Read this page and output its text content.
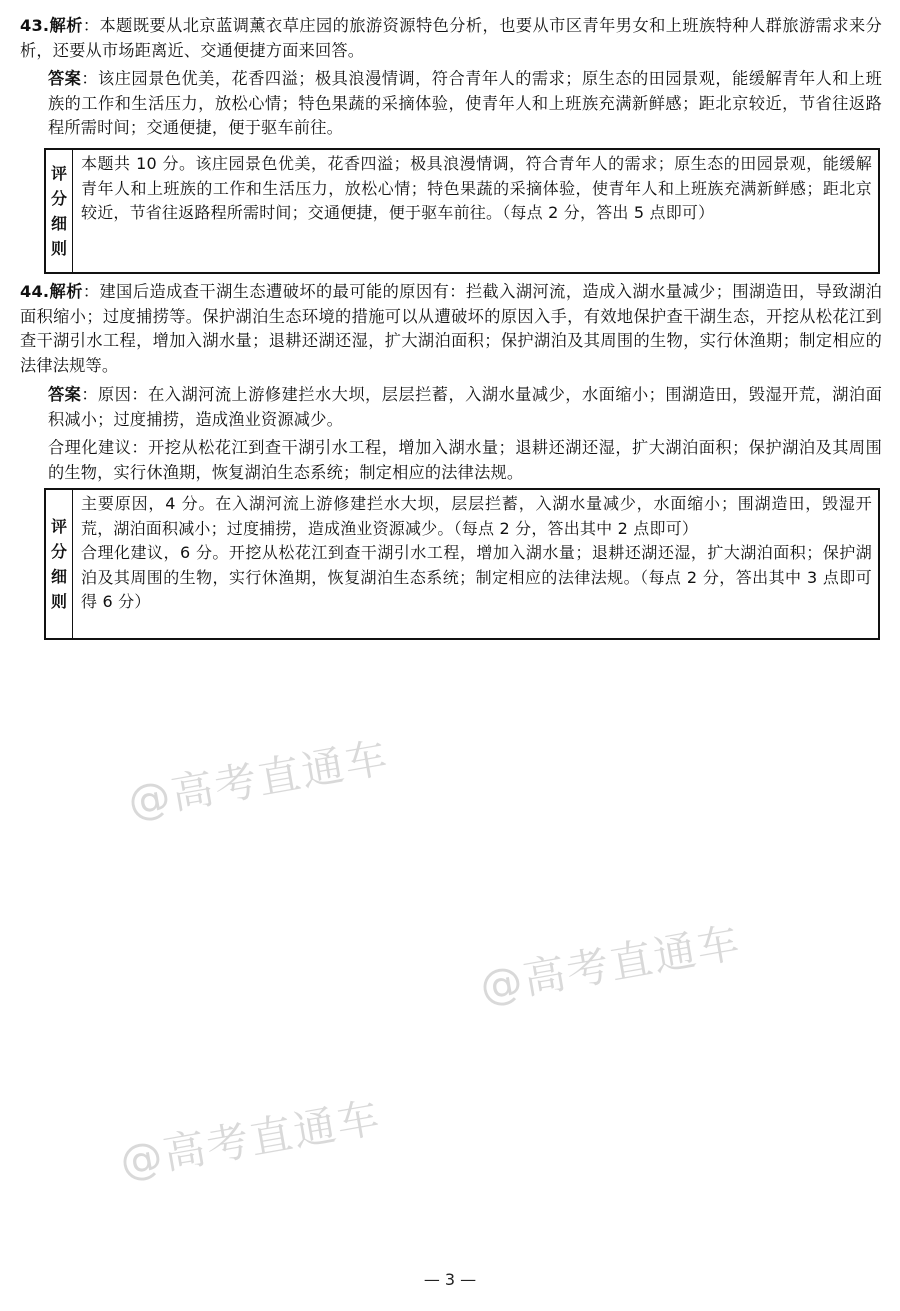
43.解析：本题既要从北京蓝调薰衣草庄园的旅游资源特色分析，也要从市区青年男女和上班族特种人群旅游需求来分析，还要从市场距离近、交通便捷方面来回答。

答案：该庄园景色优美，花香四溢；极具浪漫情调，符合青年人的需求；原生态的田园景观，能缓解青年人和上班族的工作和生活压力，放松心情；特色果蔬的采摘体验，使青年人和上班族充满新鲜感；距北京较近，节省往返路程所需时间；交通便捷，便于驱车前往。

评
分
细
则

本题共 10 分。该庄园景色优美，花香四溢；极具浪漫情调，符合青年人的需求；原生态的田园景观，能缓解青年人和上班族的工作和生活压力，放松心情；特色果蔬的采摘体验，使青年人和上班族充满新鲜感；距北京较近，节省往返路程所需时间；交通便捷，便于驱车前往。（每点 2 分，答出 5 点即可）

44.解析：建国后造成查干湖生态遭破坏的最可能的原因有：拦截入湖河流，造成入湖水量减少；围湖造田，导致湖泊面积缩小；过度捕捞等。保护湖泊生态环境的措施可以从遭破坏的原因入手，有效地保护查干湖生态，开挖从松花江到查干湖引水工程，增加入湖水量；退耕还湖还湿，扩大湖泊面积；保护湖泊及其周围的生物，实行休渔期；制定相应的法律法规等。

答案：原因：在入湖河流上游修建拦水大坝，层层拦蓄，入湖水量减少，水面缩小；围湖造田，毁湿开荒，湖泊面积减小；过度捕捞，造成渔业资源减少。

合理化建议：开挖从松花江到查干湖引水工程，增加入湖水量；退耕还湖还湿，扩大湖泊面积；保护湖泊及其周围的生物，实行休渔期，恢复湖泊生态系统；制定相应的法律法规。

评
分
细
则

主要原因，4 分。在入湖河流上游修建拦水大坝，层层拦蓄，入湖水量减少，水面缩小；围湖造田，毁湿开荒，湖泊面积减小；过度捕捞，造成渔业资源减少。（每点 2 分，答出其中 2 点即可）

合理化建议，6 分。开挖从松花江到查干湖引水工程，增加入湖水量；退耕还湖还湿，扩大湖泊面积；保护湖泊及其周围的生物，实行休渔期，恢复湖泊生态系统；制定相应的法律法规。（每点 2 分，答出其中 3 点即可得 6 分）

@高考直通车
@高考直通车
@高考直通车
— 3 —
